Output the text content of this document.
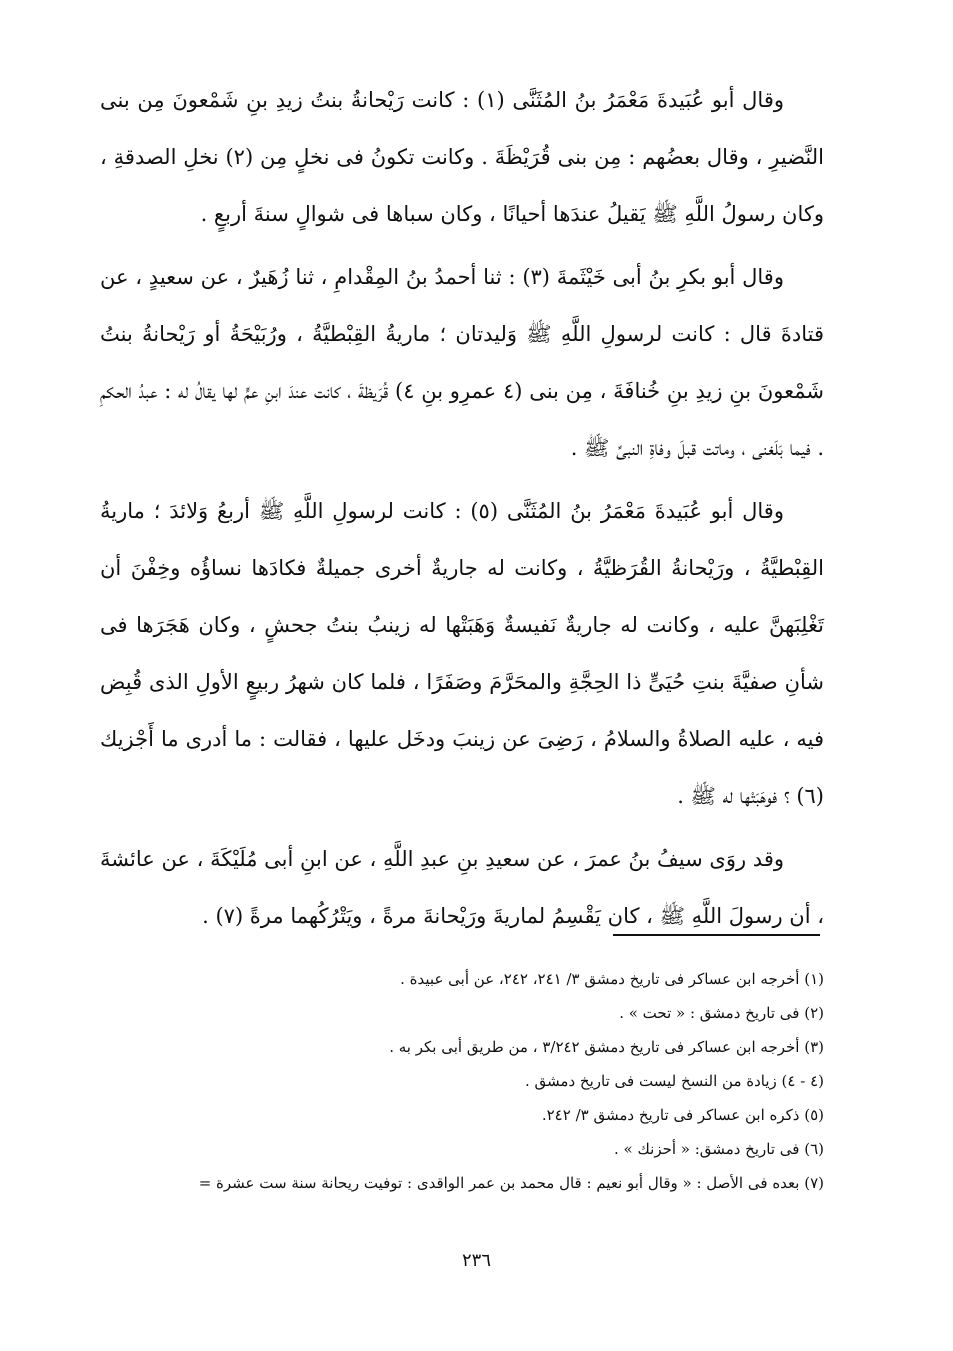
وقال أبو عُبَيدةَ مَعْمَرُ بنُ المُثَنَّى (١) : كانت رَيْحانةُ بنتُ زيدِ بنِ شَمْعونَ مِن بنى النَّضيرِ ، وقال بعضُهم : مِن بنى قُرَيْظَةَ . وكانت تكونُ فى نخلٍ مِن (٢) نخلِ الصدقةِ ، وكان رسولُ اللَّهِ ﷺ يَقيلُ عندَها أحيانًا ، وكان سباها فى شوالٍ سنةَ أربعٍ .

وقال أبو بكرِ بنُ أبى خَيْثَمةَ (٣) : ثنا أحمدُ بنُ المِقْدامِ ، ثنا زُهَيرٌ ، عن سعيدٍ ، عن قتادةَ قال : كانت لرسولِ اللَّهِ ﷺ وَليدتان ؛ ماريةُ القِبْطيَّةُ ، ورُبَيْحَةُ أو رَيْحانةُ بنتُ شَمْعونَ بنِ زيدِ بنِ خُنافَةَ ، مِن بنى (٤ عمرِو بنِ ٤) قُرَيظةَ ، كانت عندَ ابنِ عمٍّ لها يقالُ له : عبدُ الحكمِ . فيما بَلَغنى ، وماتت قبلَ وفاةِ النبىِّ ﷺ .

وقال أبو عُبَيدةَ مَعْمَرُ بنُ المُثَنَّى (٥) : كانت لرسولِ اللَّهِ ﷺ أربعُ وَلائدَ ؛ ماريةُ القِبْطيَّةُ ، ورَيْحانةُ القُرَظيَّةُ ، وكانت له جاريةٌ أخرى جميلةٌ فكادَها نساؤُه وخِفْنَ أن تَغْلِبَهنَّ عليه ، وكانت له جاريةٌ نَفيسةٌ وَهَبَتْها له زينبُ بنتُ جحشٍ ، وكان هَجَرَها فى شأنِ صفيَّةَ بنتِ حُيَىٍّ ذا الحِجَّةِ والمحَرَّمَ وصَفَرًا ، فلما كان شهرُ ربيعٍ الأولِ الذى قُبِض فيه ، عليه الصلاةُ والسلامُ ، رَضِىَ عن زينبَ ودخَل عليها ، فقالت : ما أدرى ما أَجْزيك (٦) ؟ فوهَبَتْها له ﷺ .

وقد روَى سيفُ بنُ عمرَ ، عن سعيدِ بنِ عبدِ اللَّهِ ، عن ابنِ أبى مُلَيْكَةَ ، عن عائشةَ ، أن رسولَ اللَّهِ ﷺ ، كان يَقْسِمُ لماريةَ ورَيْحانةَ مرةً ، ويَتْرُكُهما مرةً (٧) .

(١) أخرجه ابن عساكر فى تاريخ دمشق ٣/ ٢٤١، ٢٤٢، عن أبى عبيدة .

(٢) فى تاريخ دمشق : « تحت » .

(٣) أخرجه ابن عساكر فى تاريخ دمشق ٣/٢٤٢ ، من طريق أبى بكر به .

(٤ - ٤) زيادة من النسخ ليست فى تاريخ دمشق .

(٥) ذكره ابن عساكر فى تاريخ دمشق ٣/ ٢٤٢.

(٦) فى تاريخ دمشق: « أحزنك » .

(٧) بعده فى الأصل : « وقال أبو نعيم : قال محمد بن عمر الواقدى : توفيت ريحانة سنة ست عشرة =

٢٣٦
